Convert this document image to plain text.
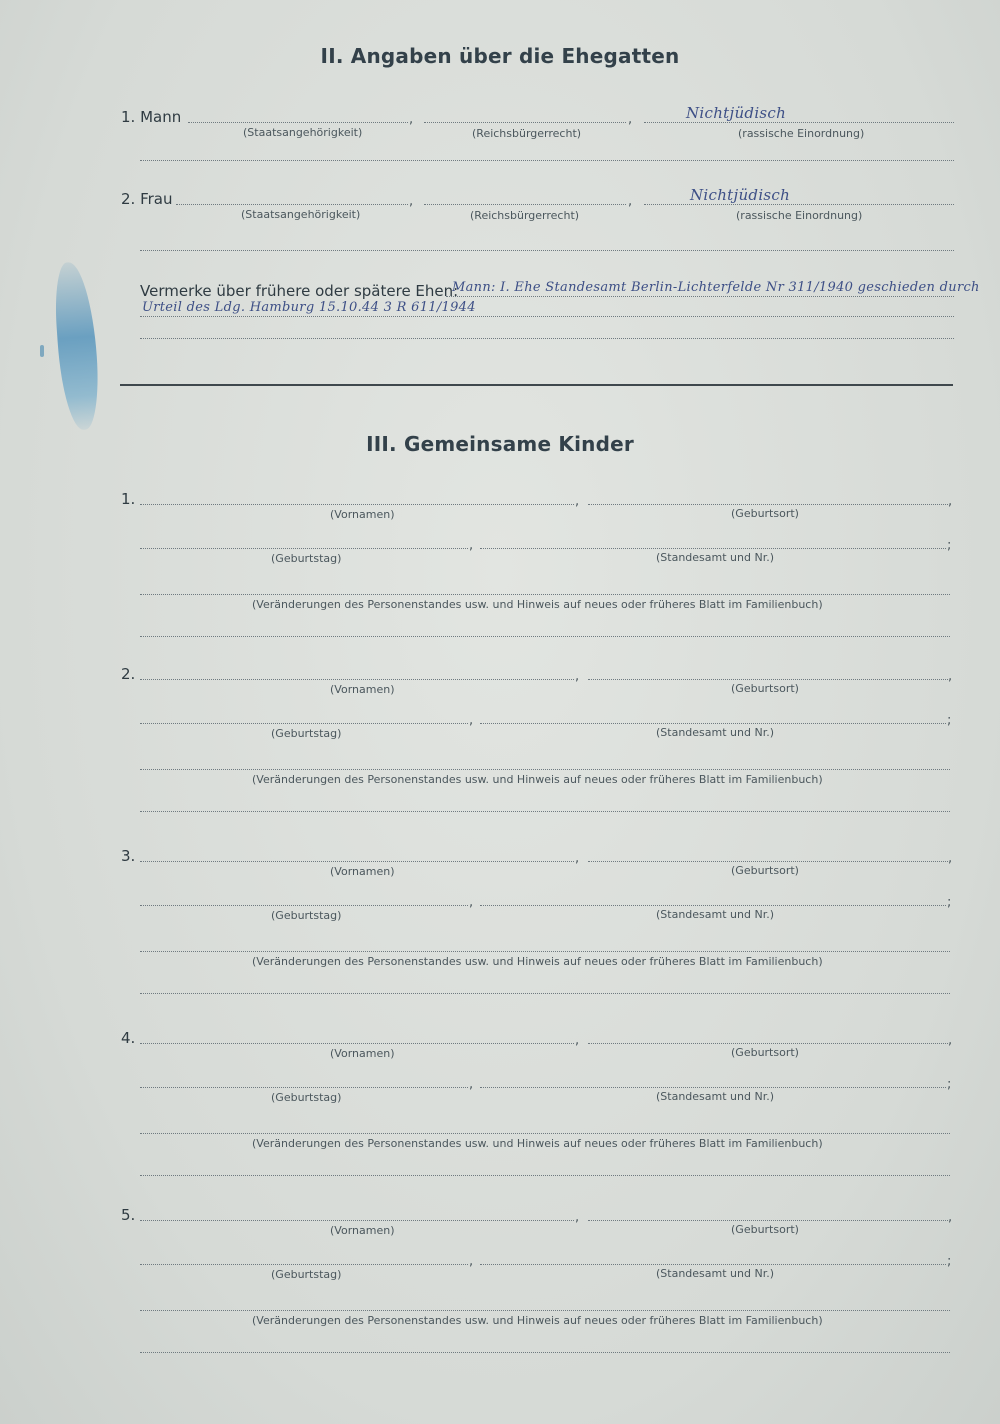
II. Angaben über die Ehegatten
1. Mann	,	,	Nichtjüdisch
(Staatsangehörigkeit)	(Reichsbürgerrecht)	(rassische Einordnung)
2. Frau	,	,	Nichtjüdisch
(Staatsangehörigkeit)	(Reichsbürgerrecht)	(rassische Einordnung)
Vermerke über frühere oder spätere Ehen:
Mann: I. Ehe Standesamt Berlin-Lichterfelde Nr 311/1940 geschieden durch
Urteil des Ldg. Hamburg 15.10.44 3 R 611/1944
III. Gemeinsame Kinder
1.	,	,
(Vornamen)	(Geburtsort)
,	;
(Geburtstag)	(Standesamt und Nr.)
(Veränderungen des Personenstandes usw. und Hinweis auf neues oder früheres Blatt im Familienbuch)
2.	,	,
(Vornamen)	(Geburtsort)
,	;
(Geburtstag)	(Standesamt und Nr.)
(Veränderungen des Personenstandes usw. und Hinweis auf neues oder früheres Blatt im Familienbuch)
3.	,	,
(Vornamen)	(Geburtsort)
,	;
(Geburtstag)	(Standesamt und Nr.)
(Veränderungen des Personenstandes usw. und Hinweis auf neues oder früheres Blatt im Familienbuch)
4.	,	,
(Vornamen)	(Geburtsort)
,	;
(Geburtstag)	(Standesamt und Nr.)
(Veränderungen des Personenstandes usw. und Hinweis auf neues oder früheres Blatt im Familienbuch)
5.	,	,
(Vornamen)	(Geburtsort)
,	;
(Geburtstag)	(Standesamt und Nr.)
(Veränderungen des Personenstandes usw. und Hinweis auf neues oder früheres Blatt im Familienbuch)
